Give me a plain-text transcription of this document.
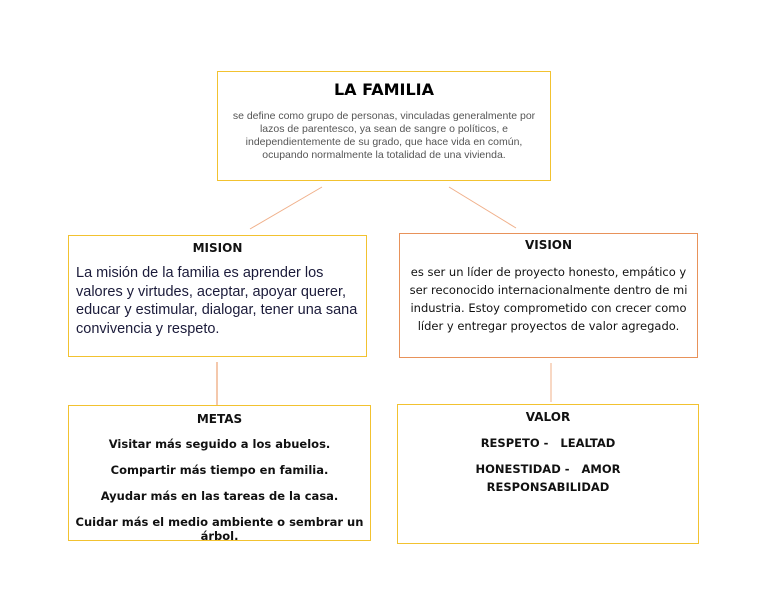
LA FAMILIA
se define como grupo de personas, vinculadas generalmente por lazos de parentesco, ya sean de sangre o políticos, e independientemente de su grado, que hace vida en común, ocupando normalmente la totalidad de una vivienda.
MISION
La misión de la familia es aprender los valores y virtudes, aceptar, apoyar querer, educar y estimular, dialogar, tener una sana convivencia y respeto.
VISION
es ser un líder de proyecto honesto, empático y ser reconocido internacionalmente dentro de mi industria. Estoy comprometido con crecer como líder y entregar proyectos de valor agregado.
METAS
Visitar más seguido a los abuelos.
Compartir más tiempo en familia.
Ayudar más en las tareas de la casa.
Cuidar más el medio ambiente o sembrar un árbol.
VALOR
RESPETO -   LEALTAD
HONESTIDAD -   AMOR
RESPONSABILIDAD
